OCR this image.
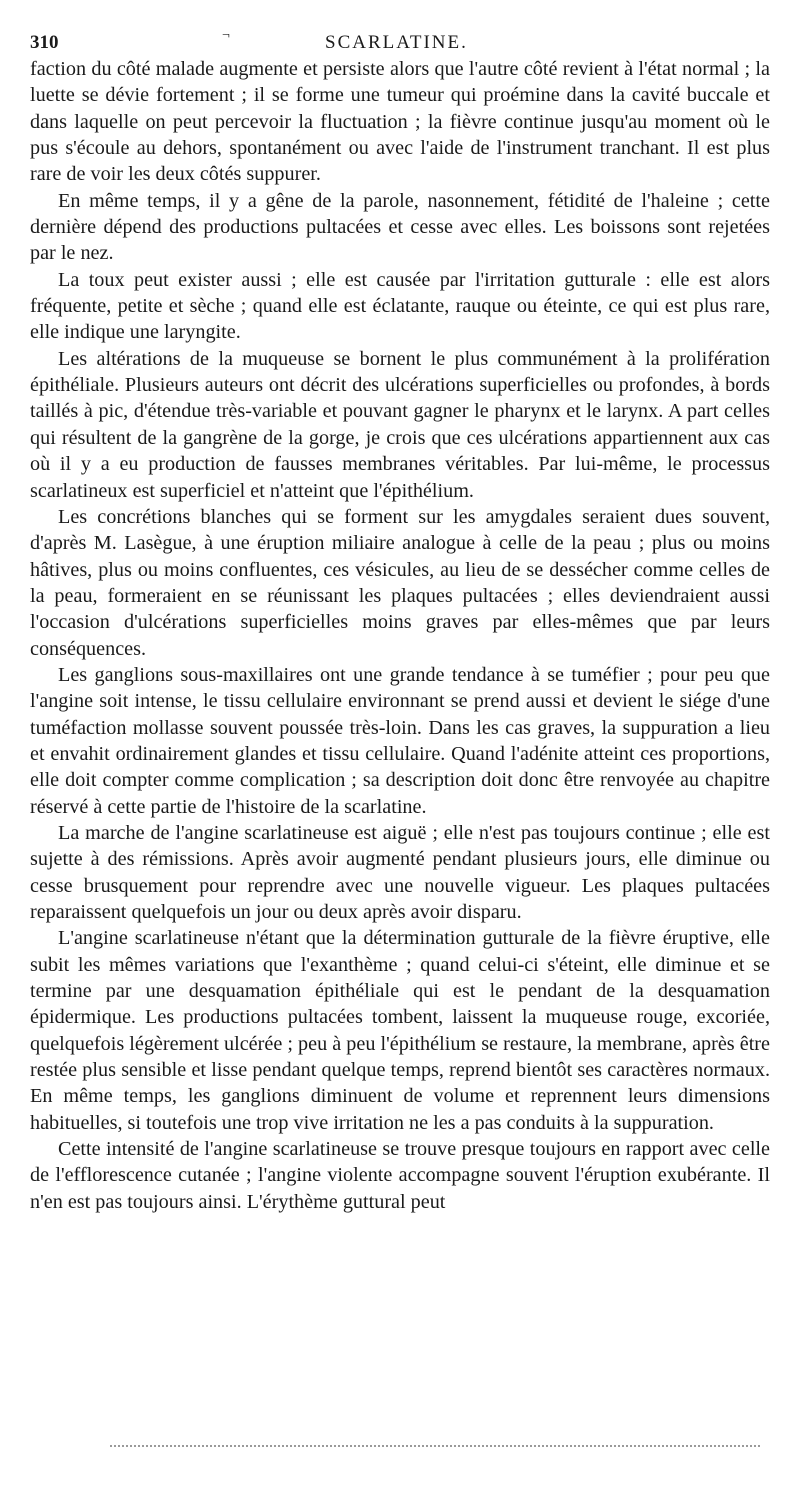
310	¬	SCARLATINE.

faction du côté malade augmente et persiste alors que l'autre côté revient à l'état normal ; la luette se dévie fortement ; il se forme une tumeur qui proémine dans la cavité buccale et dans laquelle on peut percevoir la fluctuation ; la fièvre continue jusqu'au moment où le pus s'écoule au dehors, spontanément ou avec l'aide de l'instrument tranchant. Il est plus rare de voir les deux côtés suppurer.

En même temps, il y a gêne de la parole, nasonnement, fétidité de l'haleine ; cette dernière dépend des productions pultacées et cesse avec elles. Les boissons sont rejetées par le nez.

La toux peut exister aussi ; elle est causée par l'irritation gutturale : elle est alors fréquente, petite et sèche ; quand elle est éclatante, rauque ou éteinte, ce qui est plus rare, elle indique une laryngite.

Les altérations de la muqueuse se bornent le plus communément à la prolifération épithéliale. Plusieurs auteurs ont décrit des ulcérations superficielles ou profondes, à bords taillés à pic, d'étendue très-variable et pouvant gagner le pharynx et le larynx. A part celles qui résultent de la gangrène de la gorge, je crois que ces ulcérations appartiennent aux cas où il y a eu production de fausses membranes véritables. Par lui-même, le processus scarlatineux est superficiel et n'atteint que l'épithélium.

Les concrétions blanches qui se forment sur les amygdales seraient dues souvent, d'après M. Lasègue, à une éruption miliaire analogue à celle de la peau ; plus ou moins hâtives, plus ou moins confluentes, ces vésicules, au lieu de se dessécher comme celles de la peau, formeraient en se réunissant les plaques pultacées ; elles deviendraient aussi l'occasion d'ulcérations superficielles moins graves par elles-mêmes que par leurs conséquences.

Les ganglions sous-maxillaires ont une grande tendance à se tuméfier ; pour peu que l'angine soit intense, le tissu cellulaire environnant se prend aussi et devient le siége d'une tuméfaction mollasse souvent poussée très-loin. Dans les cas graves, la suppuration a lieu et envahit ordinairement glandes et tissu cellulaire. Quand l'adénite atteint ces proportions, elle doit compter comme complication ; sa description doit donc être renvoyée au chapitre réservé à cette partie de l'histoire de la scarlatine.

La marche de l'angine scarlatineuse est aiguë ; elle n'est pas toujours continue ; elle est sujette à des rémissions. Après avoir augmenté pendant plusieurs jours, elle diminue ou cesse brusquement pour reprendre avec une nouvelle vigueur. Les plaques pultacées reparaissent quelquefois un jour ou deux après avoir disparu.

L'angine scarlatineuse n'étant que la détermination gutturale de la fièvre éruptive, elle subit les mêmes variations que l'exanthème ; quand celui-ci s'éteint, elle diminue et se termine par une desquamation épithéliale qui est le pendant de la desquamation épidermique. Les productions pultacées tombent, laissent la muqueuse rouge, excoriée, quelquefois légèrement ulcérée ; peu à peu l'épithélium se restaure, la membrane, après être restée plus sensible et lisse pendant quelque temps, reprend bientôt ses caractères normaux. En même temps, les ganglions diminuent de volume et reprennent leurs dimensions habituelles, si toutefois une trop vive irritation ne les a pas conduits à la suppuration.

Cette intensité de l'angine scarlatineuse se trouve presque toujours en rapport avec celle de l'efflorescence cutanée ; l'angine violente accompagne souvent l'éruption exubérante. Il n'en est pas toujours ainsi. L'érythème guttural peut
